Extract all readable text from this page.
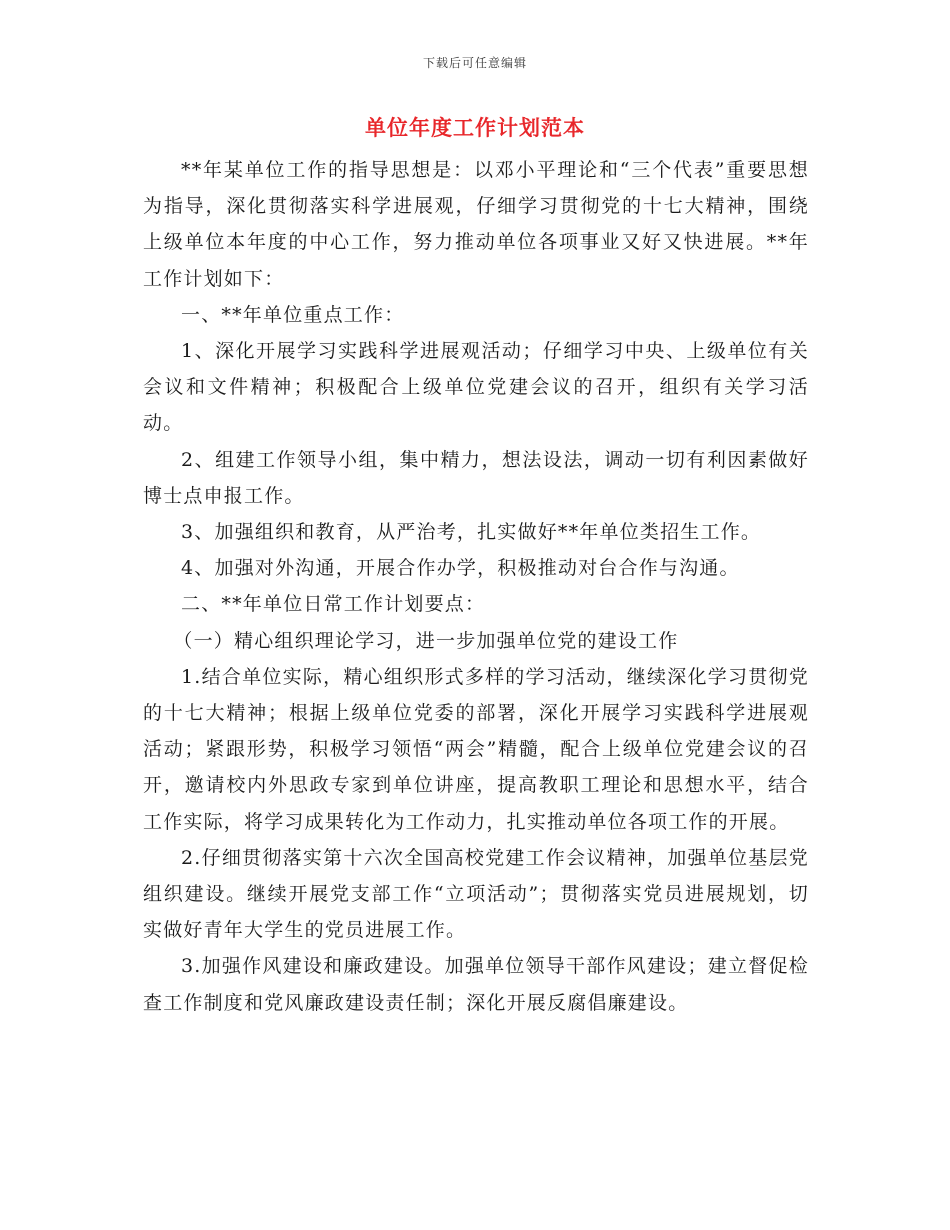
下载后可任意编辑
单位年度工作计划范本

**年某单位工作的指导思想是：以邓小平理论和“三个代表”重要思想为指导，深化贯彻落实科学进展观，仔细学习贯彻党的十七大精神，围绕上级单位本年度的中心工作，努力推动单位各项事业又好又快进展。**年工作计划如下：

一、**年单位重点工作：

1、深化开展学习实践科学进展观活动；仔细学习中央、上级单位有关会议和文件精神；积极配合上级单位党建会议的召开，组织有关学习活动。

2、组建工作领导小组，集中精力，想法设法，调动一切有利因素做好博士点申报工作。

3、加强组织和教育，从严治考，扎实做好**年单位类招生工作。

4、加强对外沟通，开展合作办学，积极推动对台合作与沟通。

二、**年单位日常工作计划要点：

（一）精心组织理论学习，进一步加强单位党的建设工作

1.结合单位实际，精心组织形式多样的学习活动，继续深化学习贯彻党的十七大精神；根据上级单位党委的部署，深化开展学习实践科学进展观活动；紧跟形势，积极学习领悟“两会”精髓，配合上级单位党建会议的召开，邀请校内外思政专家到单位讲座，提高教职工理论和思想水平，结合工作实际，将学习成果转化为工作动力，扎实推动单位各项工作的开展。

2.仔细贯彻落实第十六次全国高校党建工作会议精神，加强单位基层党组织建设。继续开展党支部工作“立项活动”；贯彻落实党员进展规划，切实做好青年大学生的党员进展工作。

3.加强作风建设和廉政建设。加强单位领导干部作风建设；建立督促检查工作制度和党风廉政建设责任制；深化开展反腐倡廉建设。
